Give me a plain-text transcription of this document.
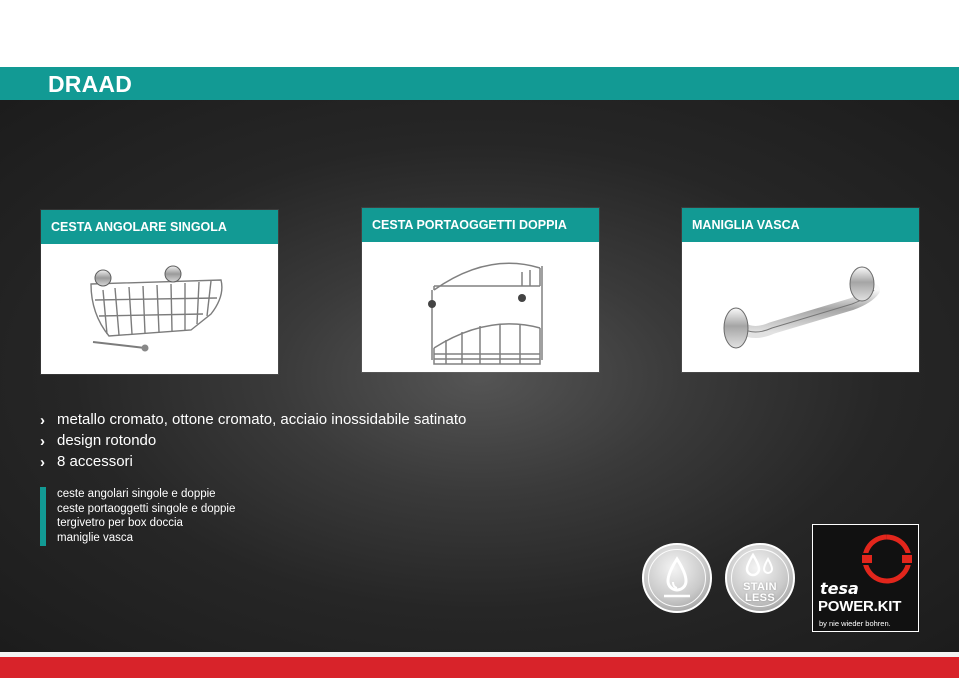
DRAAD
CESTA ANGOLARE SINGOLA	CESTA PORTAOGGETTI DOPPIA	MANIGLIA VASCA
› metallo cromato, ottone cromato, acciaio inossidabile satinato
› design rotondo
› 8 accessori
ceste angolari singole e doppie
ceste portaoggetti singole e doppie
tergivetro per box doccia
maniglie vasca
STAIN
LESS	tesa
POWER.KIT
by nie wieder bohren.
